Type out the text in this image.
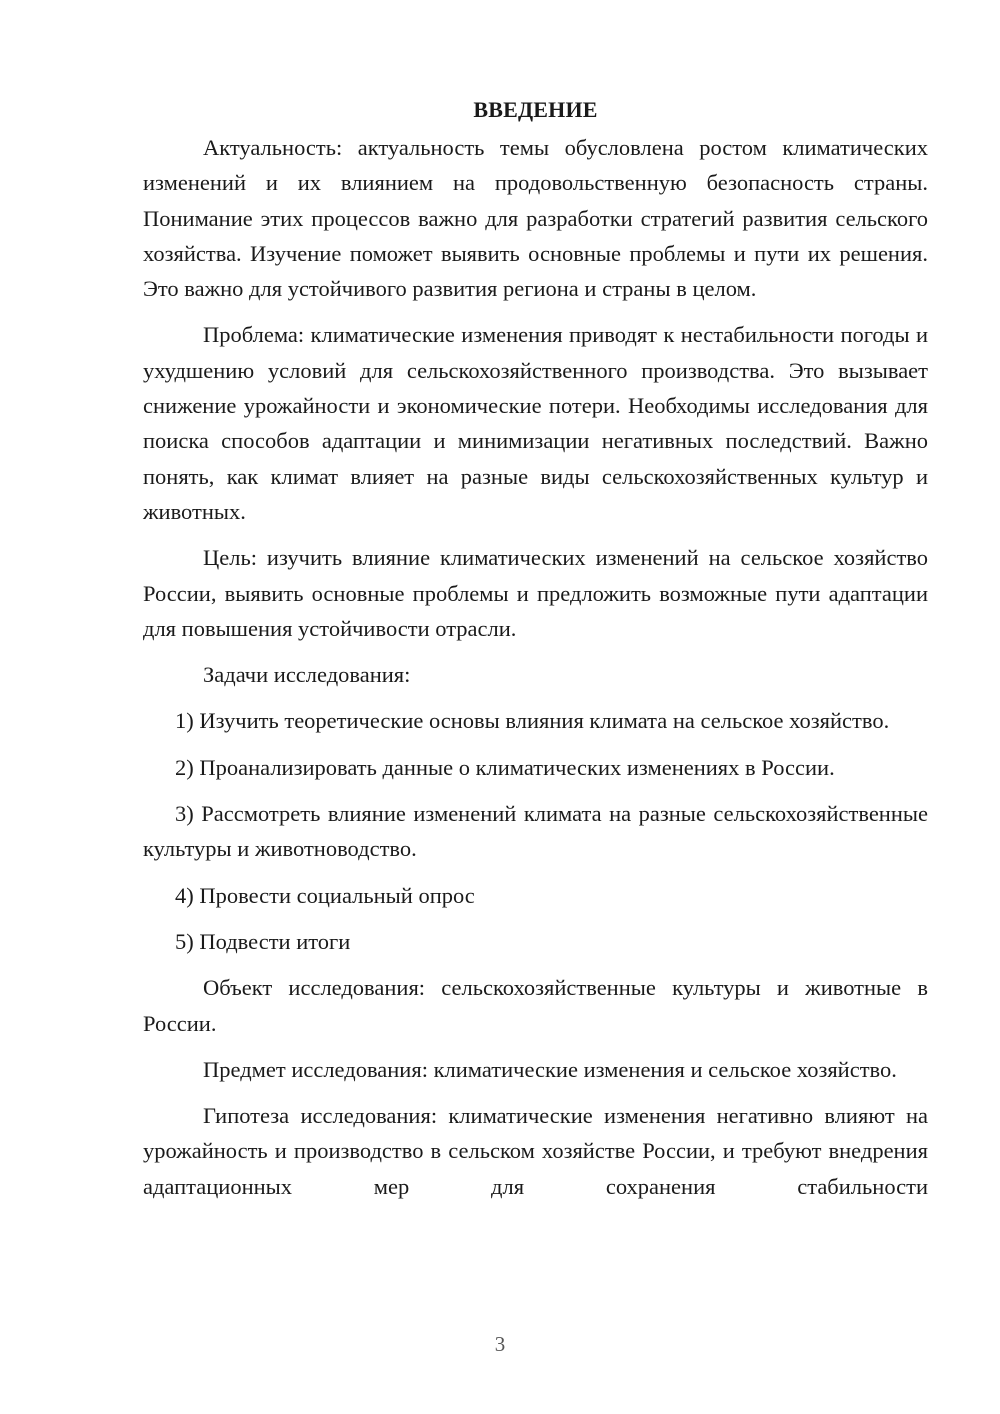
ВВЕДЕНИЕ

Актуальность: актуальность темы обусловлена ростом климатических изменений и их влиянием на продовольственную безопасность страны. Понимание этих процессов важно для разработки стратегий развития сельского хозяйства. Изучение поможет выявить основные проблемы и пути их решения. Это важно для устойчивого развития региона и страны в целом.

Проблема: климатические изменения приводят к нестабильности погоды и ухудшению условий для сельскохозяйственного производства. Это вызывает снижение урожайности и экономические потери. Необходимы исследования для поиска способов адаптации и минимизации негативных последствий. Важно понять, как климат влияет на разные виды сельскохозяйственных культур и животных.

Цель: изучить влияние климатических изменений на сельское хозяйство России, выявить основные проблемы и предложить возможные пути адаптации для повышения устойчивости отрасли.

Задачи исследования:

1) Изучить теоретические основы влияния климата на сельское хозяйство.

2) Проанализировать данные о климатических изменениях в России.

3) Рассмотреть влияние изменений климата на разные сельскохозяйственные культуры и животноводство.

4) Провести социальный опрос

5) Подвести итоги

Объект исследования: сельскохозяйственные культуры и животные в России.

Предмет исследования: климатические изменения и сельское хозяйство.

Гипотеза исследования: климатические изменения негативно влияют на урожайность и производство в сельском хозяйстве России, и требуют внедрения адаптационных мер для сохранения стабильности

3
